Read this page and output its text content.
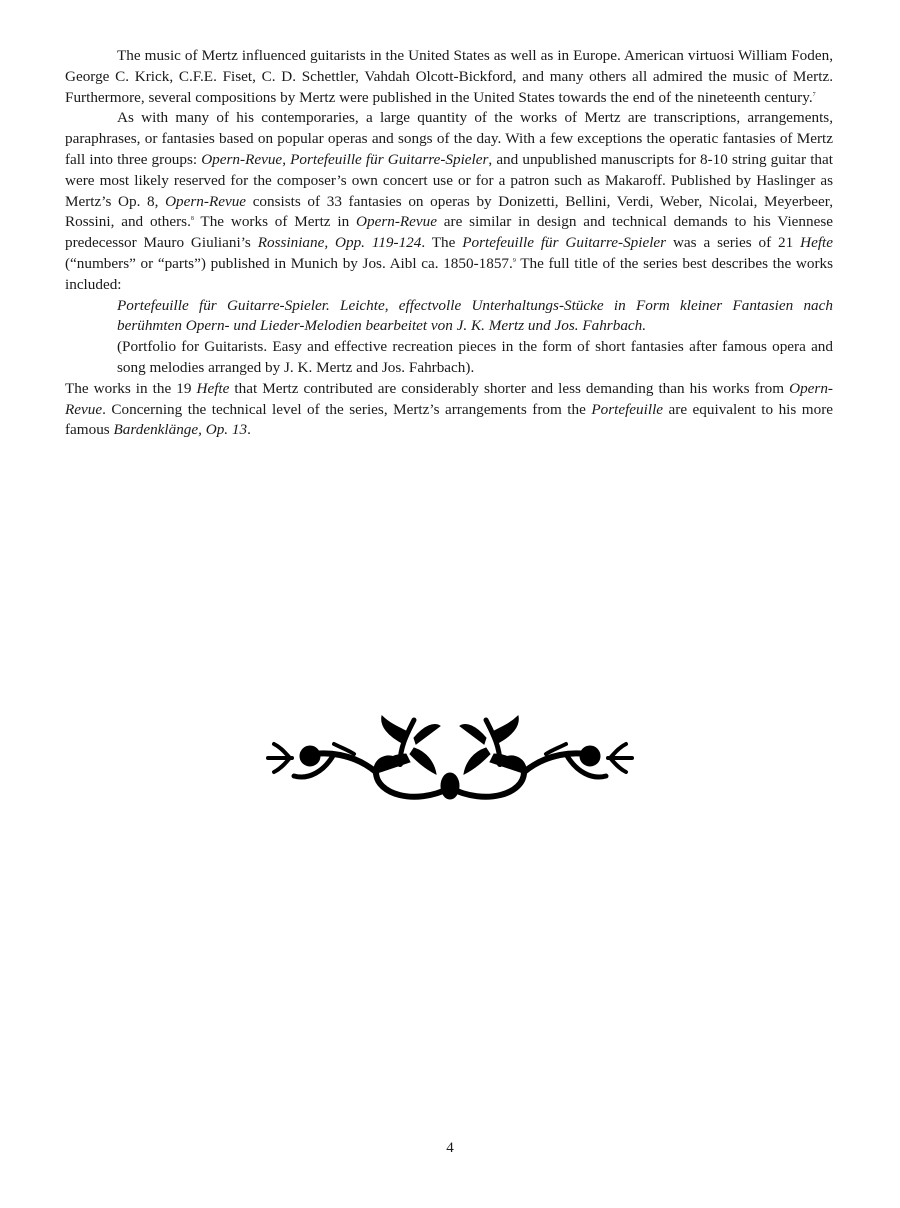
The music of Mertz influenced guitarists in the United States as well as in Europe. American virtuosi William Foden, George C. Krick, C.F.E. Fiset, C. D. Schettler, Vahdah Olcott-Bickford, and many others all admired the music of Mertz. Furthermore, several compositions by Mertz were published in the United States towards the end of the nineteenth century.$^7$

As with many of his contemporaries, a large quantity of the works of Mertz are transcriptions, arrangements, paraphrases, or fantasies based on popular operas and songs of the day. With a few exceptions the operatic fantasies of Mertz fall into three groups: Opern-Revue, Portefeuille für Guitarre-Spieler, and unpublished manuscripts for 8-10 string guitar that were most likely reserved for the composer’s own concert use or for a patron such as Makaroff. Published by Haslinger as Mertz’s Op. 8, Opern-Revue consists of 33 fantasies on operas by Donizetti, Bellini, Verdi, Weber, Nicolai, Meyerbeer, Rossini, and others.$^8$ The works of Mertz in Opern-Revue are similar in design and technical demands to his Viennese predecessor Mauro Giuliani’s Rossiniane, Opp. 119-124. The Portefeuille für Guitarre-Spieler was a series of 21 Hefte (“numbers” or “parts”) published in Munich by Jos. Aibl ca. 1850-1857.$^9$ The full title of the series best describes the works included:

Portefeuille für Guitarre-Spieler. Leichte, effectvolle Unterhaltungs-Stücke in Form kleiner Fantasien nach berühmten Opern- und Lieder-Melodien bearbeitet von J. K. Mertz und Jos. Fahrbach.

(Portfolio for Guitarists. Easy and effective recreation pieces in the form of short fantasies after famous opera and song melodies arranged by J. K. Mertz and Jos. Fahrbach).

The works in the 19 Hefte that Mertz contributed are considerably shorter and less demanding than his works from Opern-Revue. Concerning the technical level of the series, Mertz’s arrangements from the Portefeuille are equivalent to his more famous Bardenklänge, Op. 13.

4
